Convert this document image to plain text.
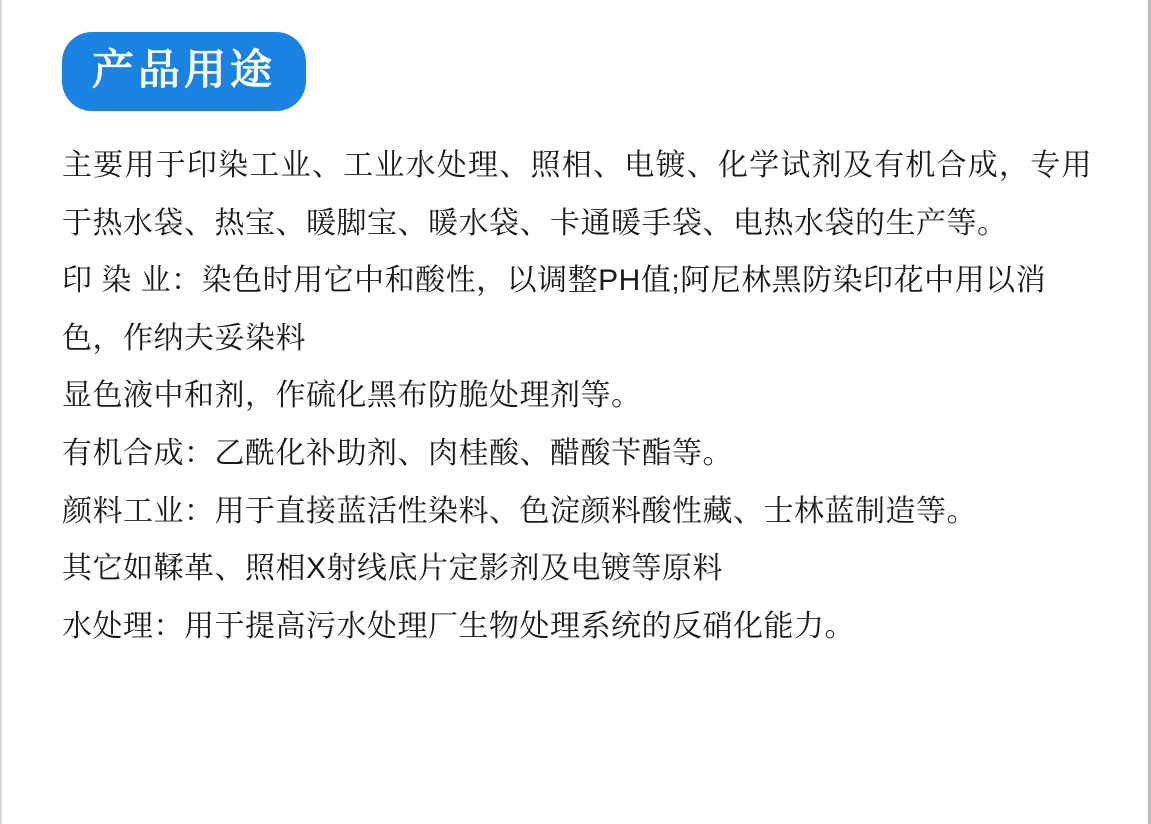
产品用途

主要用于印染工业、工业水处理、照相、电镀、化学试剂及有机合成，专用于热水袋、热宝、暖脚宝、暖水袋、卡通暖手袋、电热水袋的生产等。

印 染 业：染色时用它中和酸性，以调整PH值;阿尼林黑防染印花中用以消色，作纳夫妥染料

显色液中和剂，作硫化黑布防脆处理剂等。

有机合成：乙酰化补助剂、肉桂酸、醋酸苄酯等。

颜料工业：用于直接蓝活性染料、色淀颜料酸性藏、士林蓝制造等。

其它如鞣革、照相X射线底片定影剂及电镀等原料

水处理：用于提高污水处理厂生物处理系统的反硝化能力。
